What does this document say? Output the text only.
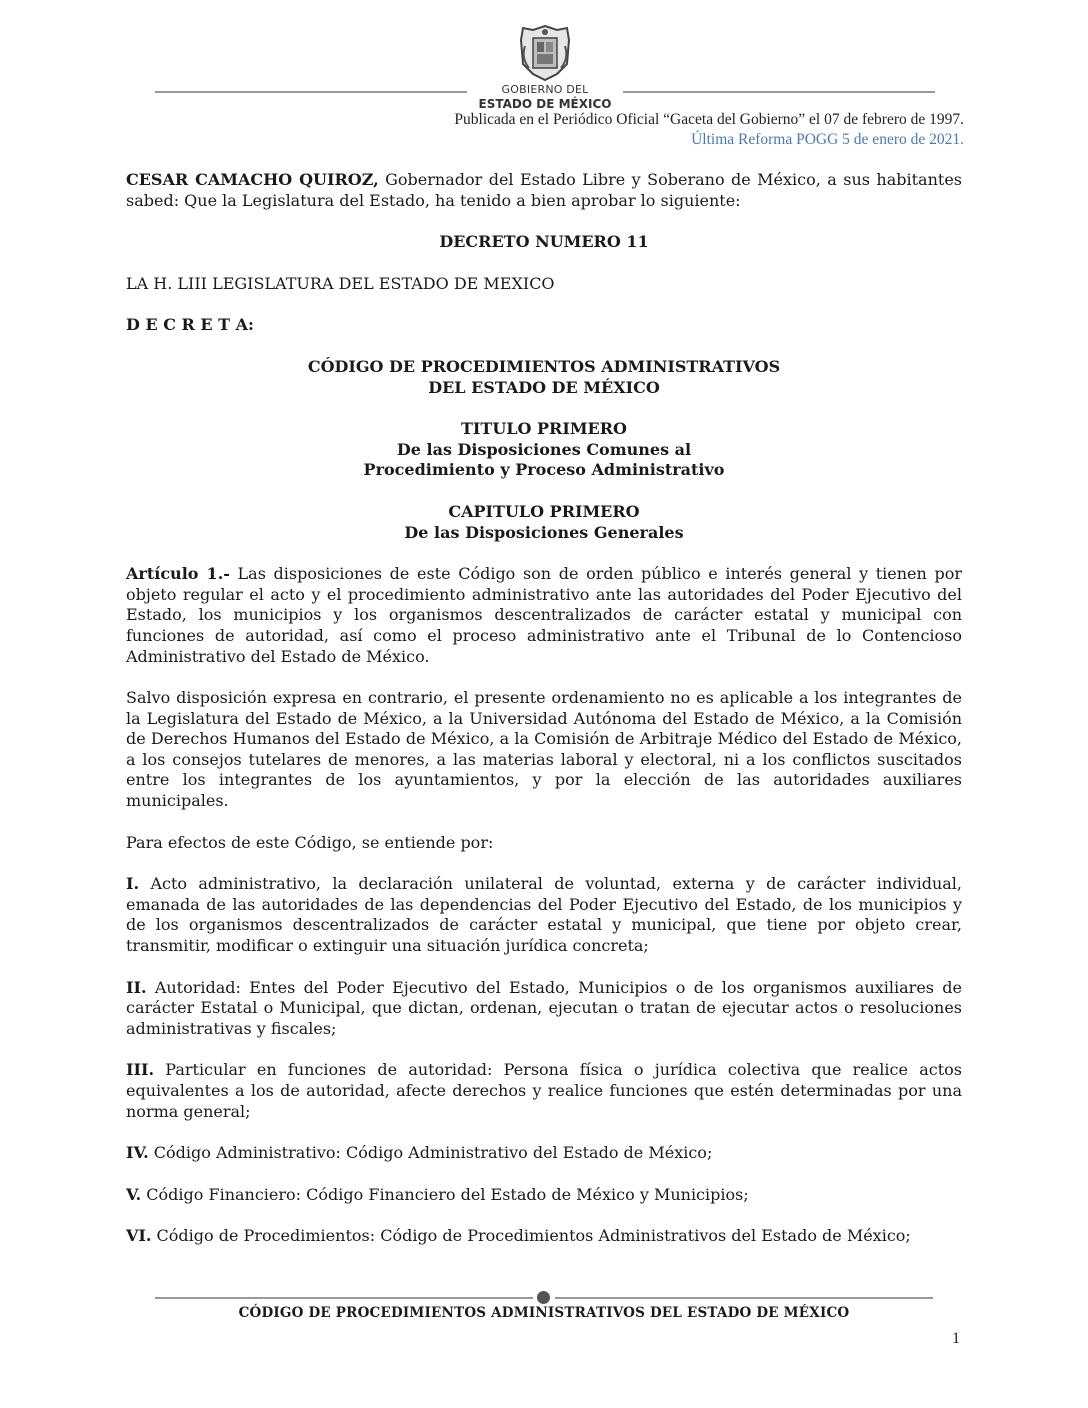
GOBIERNO DEL
ESTADO DE MÉXICO
Publicada en el Periódico Oficial “Gaceta del Gobierno” el 07 de febrero de 1997.
Última Reforma POGG 5 de enero de 2021.

CESAR CAMACHO QUIROZ, Gobernador del Estado Libre y Soberano de México, a sus habitantes sabed: Que la Legislatura del Estado, ha tenido a bien aprobar lo siguiente:

DECRETO NUMERO 11

LA H. LIII LEGISLATURA DEL ESTADO DE MEXICO

D E C R E T A:

CÓDIGO DE PROCEDIMIENTOS ADMINISTRATIVOS
DEL ESTADO DE MÉXICO
TITULO PRIMERO
De las Disposiciones Comunes al
Procedimiento y Proceso Administrativo
CAPITULO PRIMERO
De las Disposiciones Generales

Artículo 1.- Las disposiciones de este Código son de orden público e interés general y tienen por objeto regular el acto y el procedimiento administrativo ante las autoridades del Poder Ejecutivo del Estado, los municipios y los organismos descentralizados de carácter estatal y municipal con funciones de autoridad, así como el proceso administrativo ante el Tribunal de lo Contencioso Administrativo del Estado de México.

Salvo disposición expresa en contrario, el presente ordenamiento no es aplicable a los integrantes de la Legislatura del Estado de México, a la Universidad Autónoma del Estado de México, a la Comisión de Derechos Humanos del Estado de México, a la Comisión de Arbitraje Médico del Estado de México, a los consejos tutelares de menores, a las materias laboral y electoral, ni a los conflictos suscitados entre los integrantes de los ayuntamientos, y por la elección de las autoridades auxiliares municipales.

Para efectos de este Código, se entiende por:

I. Acto administrativo, la declaración unilateral de voluntad, externa y de carácter individual, emanada de las autoridades de las dependencias del Poder Ejecutivo del Estado, de los municipios y de los organismos descentralizados de carácter estatal y municipal, que tiene por objeto crear, transmitir, modificar o extinguir una situación jurídica concreta;

II. Autoridad: Entes del Poder Ejecutivo del Estado, Municipios o de los organismos auxiliares de carácter Estatal o Municipal, que dictan, ordenan, ejecutan o tratan de ejecutar actos o resoluciones administrativas y fiscales;

III. Particular en funciones de autoridad: Persona física o jurídica colectiva que realice actos equivalentes a los de autoridad, afecte derechos y realice funciones que estén determinadas por una norma general;

IV. Código Administrativo: Código Administrativo del Estado de México;

V. Código Financiero: Código Financiero del Estado de México y Municipios;

VI. Código de Procedimientos: Código de Procedimientos Administrativos del Estado de México;

CÓDIGO DE PROCEDIMIENTOS ADMINISTRATIVOS DEL ESTADO DE MÉXICO
1
